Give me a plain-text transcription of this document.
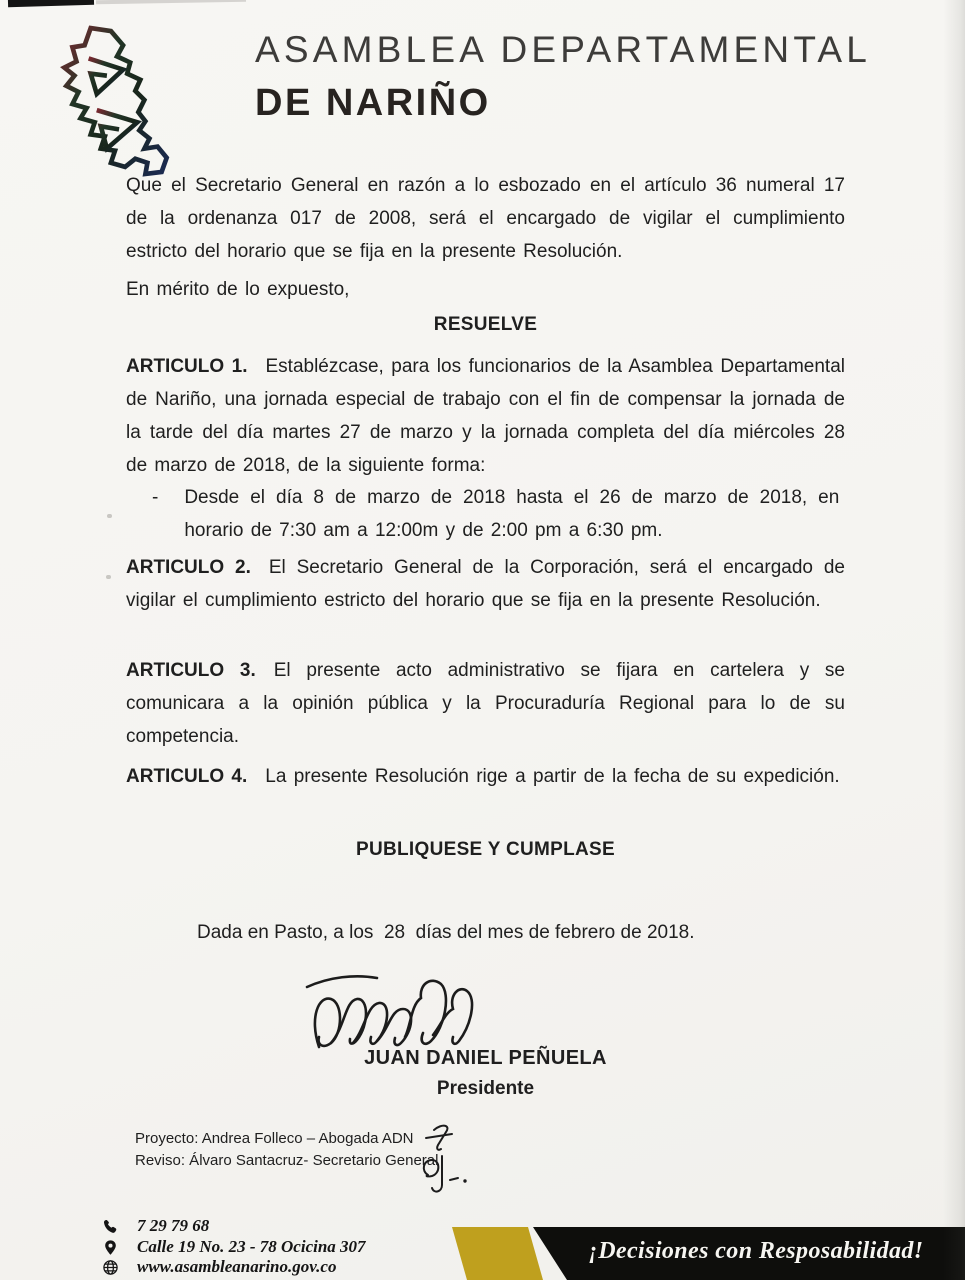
ASAMBLEA DEPARTAMENTAL
DE NARIÑO

Que el Secretario General en razón a lo esbozado en el artículo 36 numeral 17 de la ordenanza 017 de 2008, será el encargado de vigilar el cumplimiento estricto del horario que se fija en la presente Resolución.

En mérito de lo expuesto,

RESUELVE

ARTICULO 1. Establézcase, para los funcionarios de la Asamblea Departamental de Nariño, una jornada especial de trabajo con el fin de compensar la jornada de la tarde del día martes 27 de marzo y la jornada completa del día miércoles 28 de marzo de 2018, de la siguiente forma:

- Desde el día 8 de marzo de 2018 hasta el 26 de marzo de 2018, en horario de 7:30 am a 12:00m y de 2:00 pm a 6:30 pm.

ARTICULO 2. El Secretario General de la Corporación, será el encargado de vigilar el cumplimiento estricto del horario que se fija en la presente Resolución.

ARTICULO 3. El presente acto administrativo se fijara en cartelera y se comunicara a la opinión pública y la Procuraduría Regional para lo de su competencia.

ARTICULO 4. La presente Resolución rige a partir de la fecha de su expedición.

PUBLIQUESE Y CUMPLASE

Dada en Pasto, a los  28  días del mes de febrero de 2018.

JUAN DANIEL PEÑUELA

Presidente

Proyecto: Andrea Folleco – Abogada ADN
Reviso: Álvaro Santacruz- Secretario General
7 29 79 68
Calle 19 No. 23 - 78 Ocicina 307
www.asambleanarino.gov.co

¡Decisiones con Resposabilidad!
